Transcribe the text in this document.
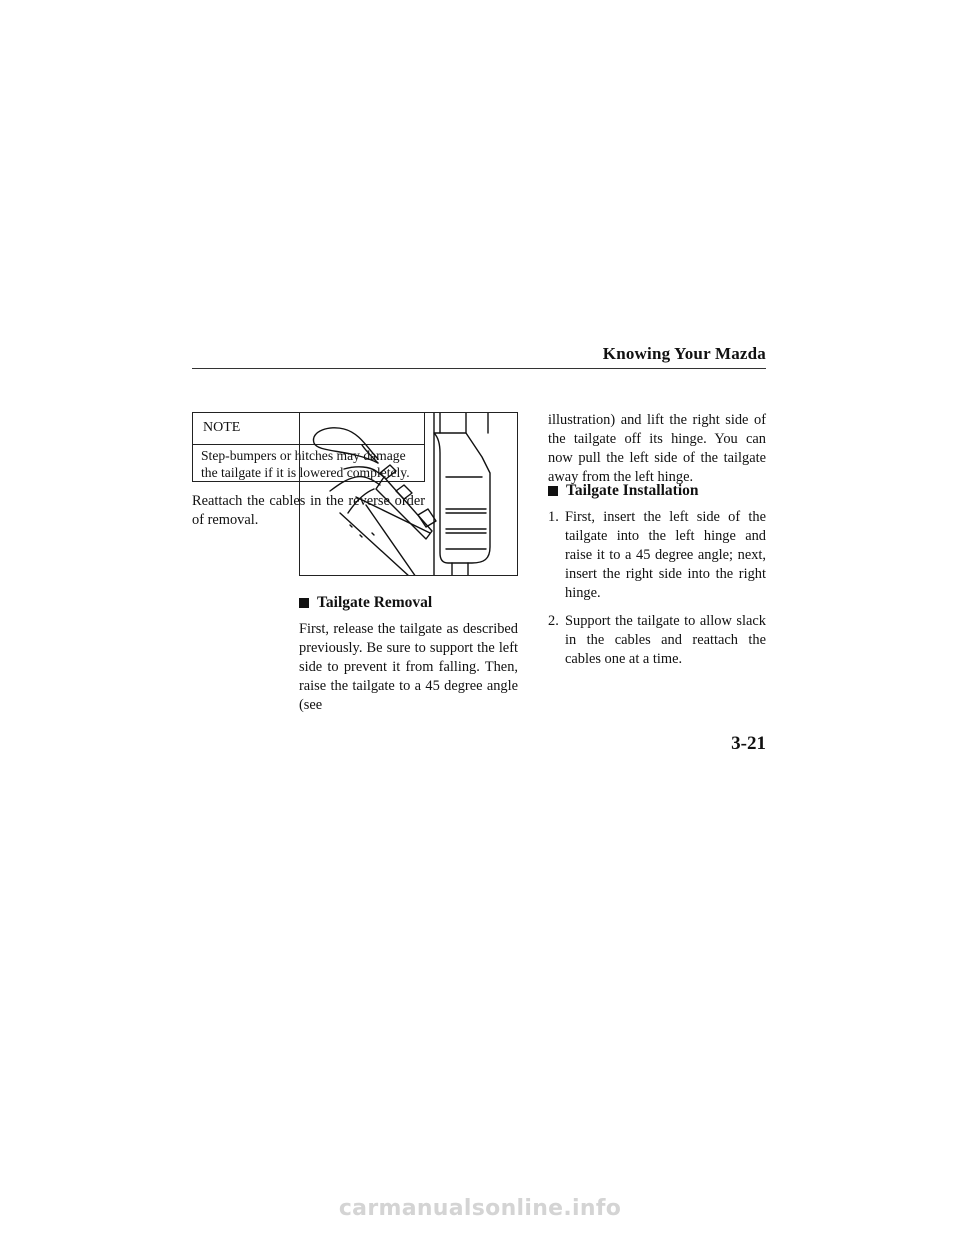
Knowing Your Mazda
NOTE
Step-bumpers or hitches may damage the tailgate if it is lowered completely.

Reattach the cables in the reverse order of removal.

Tailgate Removal

First, release the tailgate as described previously. Be sure to support the left side to prevent it from falling. Then, raise the tailgate to a 45 degree angle (see

illustration) and lift the right side of the tailgate off its hinge. You can now pull the left side of the tailgate away from the left hinge.

Tailgate Installation
1. First, insert the left side of the tailgate into the left hinge and raise it to a 45 degree angle; next, insert the right side into the right hinge.
2. Support the tailgate to allow slack in the cables and reattach the cables one at a time.
3-21
carmanualsonline.info
